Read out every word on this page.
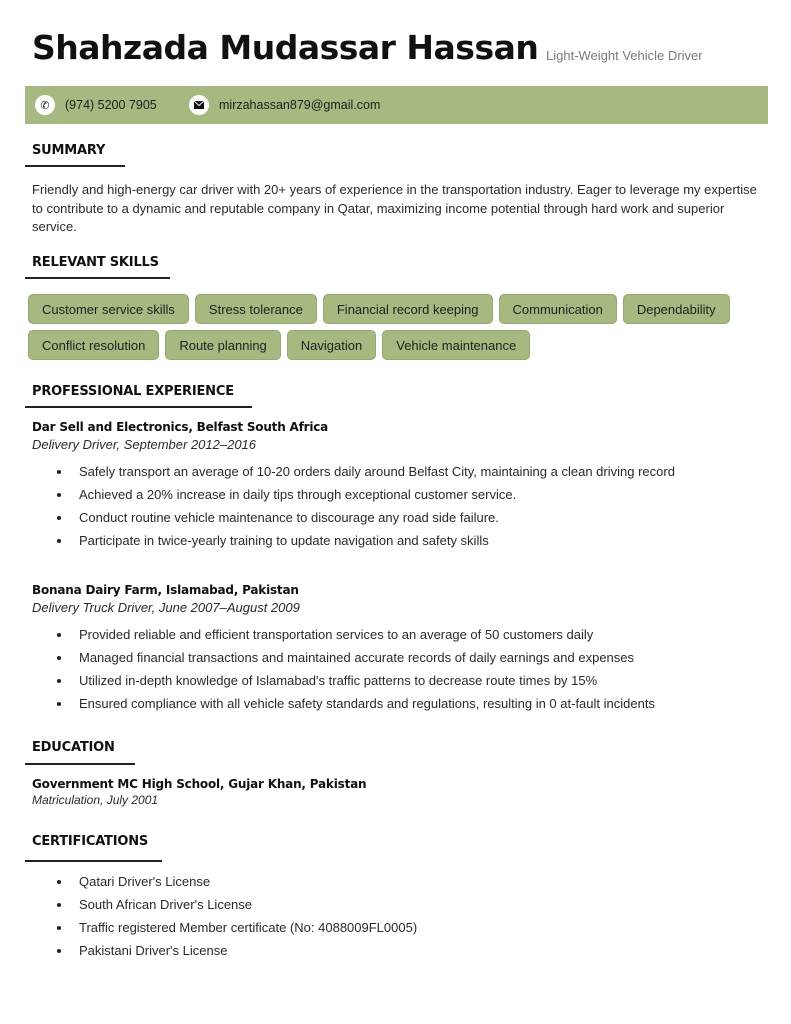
Shahzada Mudassar Hassan Light-Weight Vehicle Driver
✆	(974) 5200 7905	mirzahassan879@gmail.com
SUMMARY
Friendly and high-energy car driver with 20+ years of experience in the transportation industry. Eager to leverage my expertise to contribute to a dynamic and reputable company in Qatar, maximizing income potential through hard work and superior service.
RELEVANT SKILLS
Customer service skills	Stress tolerance	Financial record keeping	Communication	Dependability
Conflict resolution	Route planning	Navigation	Vehicle maintenance
PROFESSIONAL EXPERIENCE
Dar Sell and Electronics, Belfast South Africa
Delivery Driver, September 2012–2016
Safely transport an average of 10-20 orders daily around Belfast City, maintaining a clean driving record
Achieved a 20% increase in daily tips through exceptional customer service.
Conduct routine vehicle maintenance to discourage any road side failure.
Participate in twice-yearly training to update navigation and safety skills
Bonana Dairy Farm, Islamabad, Pakistan
Delivery Truck Driver, June 2007–August 2009
Provided reliable and efficient transportation services to an average of 50 customers daily
Managed financial transactions and maintained accurate records of daily earnings and expenses
Utilized in-depth knowledge of Islamabad's traffic patterns to decrease route times by 15%
Ensured compliance with all vehicle safety standards and regulations, resulting in 0 at-fault incidents
EDUCATION
Government MC High School, Gujar Khan, Pakistan
Matriculation, July 2001
CERTIFICATIONS
Qatari Driver's License
South African Driver's License
Traffic registered Member certificate (No: 4088009FL0005)
Pakistani Driver's License
